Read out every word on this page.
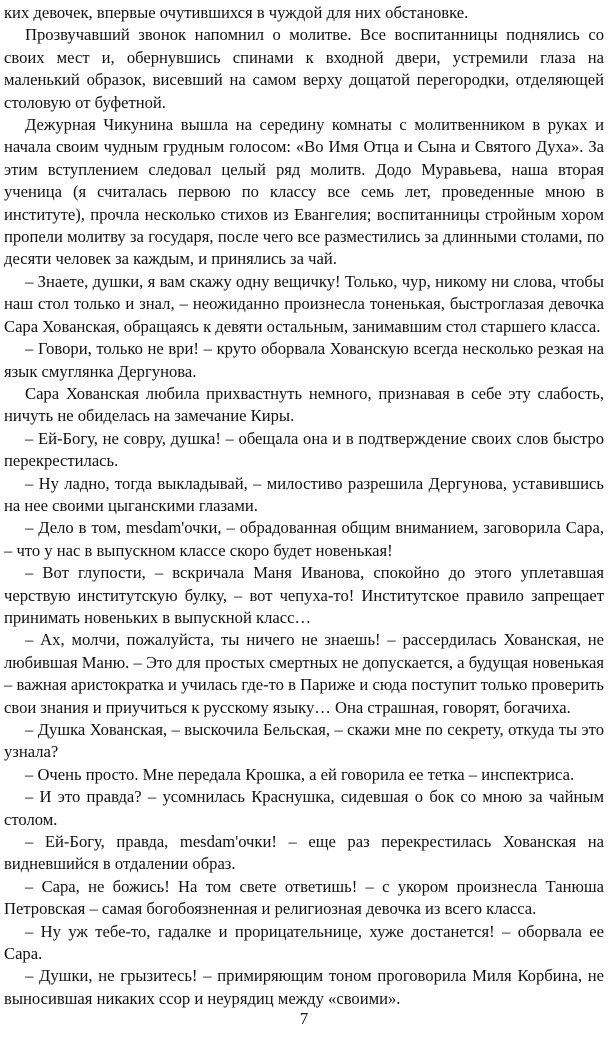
ких девочек, впервые очутившихся в чуждой для них обстановке.

Прозвучавший звонок напомнил о молитве. Все воспитанницы поднялись со своих мест и, обернувшись спинами к входной двери, устремили глаза на маленький образок, висевший на самом верху дощатой перегородки, отделяющей столовую от буфетной.

Дежурная Чикунина вышла на середину комнаты с молитвенником в руках и начала своим чудным грудным голосом: «Во Имя Отца и Сына и Святого Духа». За этим вступлением следовал целый ряд молитв. Додо Муравьева, наша вторая ученица (я считалась первою по классу все семь лет, проведенные мною в институте), прочла несколько стихов из Евангелия; воспитанницы стройным хором пропели молитву за государя, после чего все разместились за длинными столами, по десяти человек за каждым, и принялись за чай.

– Знаете, душки, я вам скажу одну вещичку! Только, чур, никому ни слова, чтобы наш стол только и знал, – неожиданно произнесла тоненькая, быстроглазая девочка Сара Хованская, обращаясь к девяти остальным, занимавшим стол старшего класса.

– Говори, только не ври! – круто оборвала Хованскую всегда несколько резкая на язык смуглянка Дергунова.

Сара Хованская любила прихвастнуть немного, признавая в себе эту слабость, ничуть не обиделась на замечание Киры.

– Ей-Богу, не совру, душка! – обещала она и в подтверждение своих слов быстро перекрестилась.

– Ну ладно, тогда выкладывай, – милостиво разрешила Дергунова, уставившись на нее своими цыганскими глазами.

– Дело в том, mesdam'очки, – обрадованная общим вниманием, заговорила Сара, – что у нас в выпускном классе скоро будет новенькая!

– Вот глупости, – вскричала Маня Иванова, спокойно до этого уплетавшая черствую институтскую булку, – вот чепуха-то! Институтское правило запрещает принимать новеньких в выпускной класс…

– Ах, молчи, пожалуйста, ты ничего не знаешь! – рассердилась Хованская, не любившая Маню. – Это для простых смертных не допускается, а будущая новенькая – важная аристократка и училась где-то в Париже и сюда поступит только проверить свои знания и приучиться к русскому языку… Она страшная, говорят, богачиха.

– Душка Хованская, – выскочила Бельская, – скажи мне по секрету, откуда ты это узнала?

– Очень просто. Мне передала Крошка, а ей говорила ее тетка – инспектриса.

– И это правда? – усомнилась Краснушка, сидевшая о бок со мною за чайным столом.

– Ей-Богу, правда, mesdam'очки! – еще раз перекрестилась Хованская на видневшийся в отдалении образ.

– Сара, не божись! На том свете ответишь! – с укором произнесла Танюша Петровская – самая богобоязненная и религиозная девочка из всего класса.

– Ну уж тебе-то, гадалке и прорицательнице, хуже достанется! – оборвала ее Сара.

– Душки, не грызитесь! – примиряющим тоном проговорила Миля Корбина, не выносившая никаких ссор и неурядиц между «своими».

7
